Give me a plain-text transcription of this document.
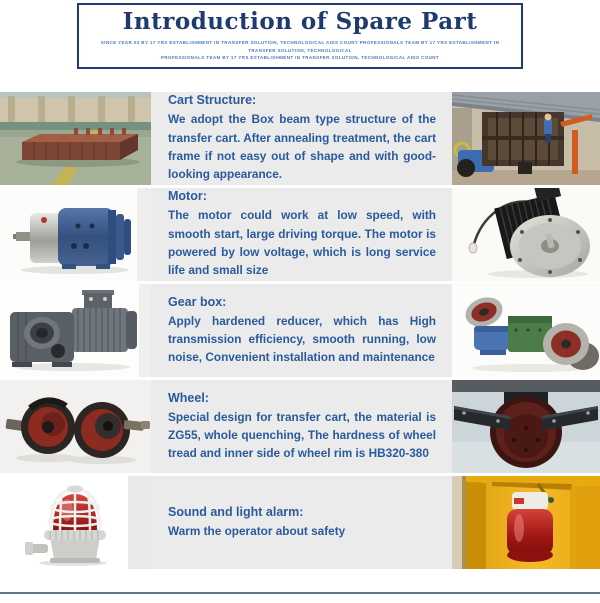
Introduction of Spare Part
SINCE YEAR 03 BY 17 YRS ESTABLISHMENT IN TRANSFER SOLUTION, TECHNOLOGICAL AIDS COUNT PROFESSIONALS TEAM BY 17 YRS ESTABLISHMENT IN TRANSFER SOLUTION, TECHNOLOGICAL
PROFESSIONALS TEAM BY 17 YRS ESTABLISHMENT IN TRANSFER SOLUTION, TECHNOLOGICAL AIDS COUNT
Cart Structure:

We adopt the Box beam type structure of the transfer cart. After annealing treatment, the cart frame if not easy out of shape and with good-looking appearance.

Motor:

The motor could work at low speed, with smooth start, large driving torque. The motor is powered by low voltage, which is long service life and small size

Gear box:

Apply hardened reducer, which has High transmission efficiency, smooth running, low noise, Convenient installation and maintenance

Wheel:

Special design for transfer cart, the material is ZG55, whole quenching, The hardness of wheel tread and inner side of wheel rim is HB320-380

Sound and light alarm:

Warm the operator about safety
